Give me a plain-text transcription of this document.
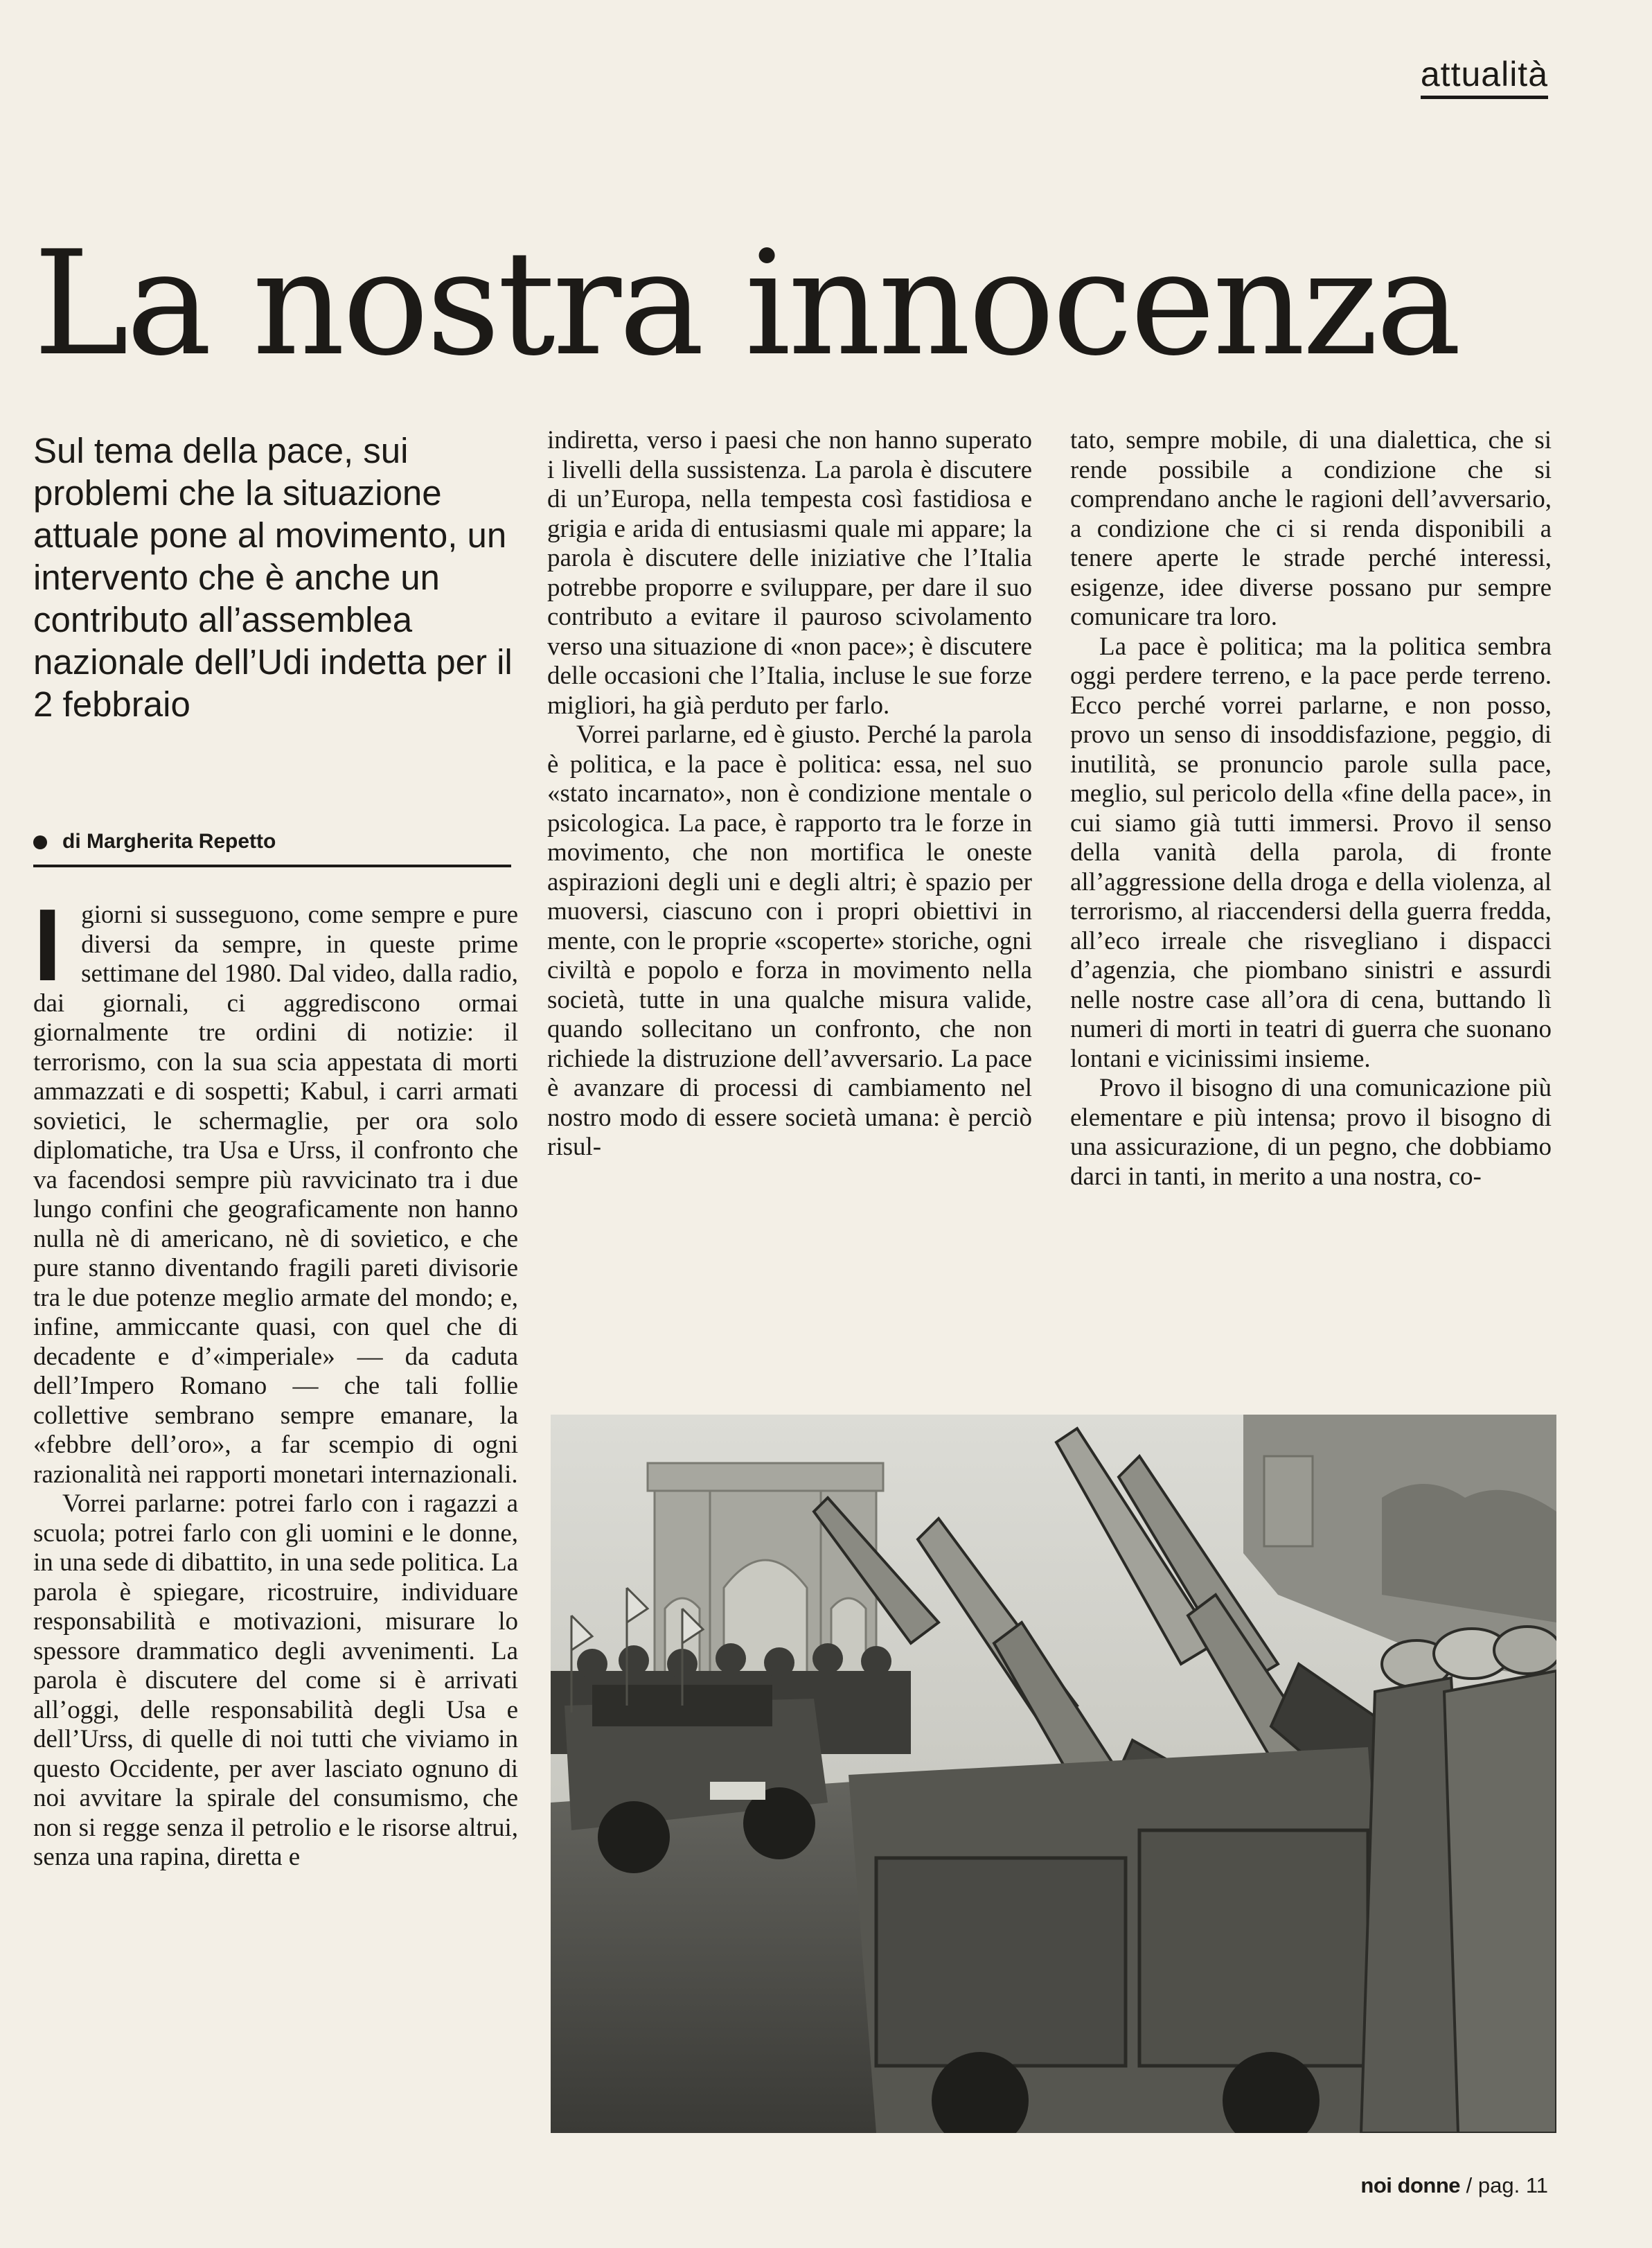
attualità
La nostra innocenza
Sul tema della pace, sui problemi che la situazione attuale pone al movimento, un intervento che è anche un contributo all’assemblea nazionale dell’Udi indetta per il 2 febbraio
di Margherita Repetto
I giorni si susseguono, come sempre e pure diversi da sempre, in queste prime settimane del 1980. Dal video, dalla radio, dai giornali, ci aggrediscono ormai giornalmente tre ordini di notizie: il terrorismo, con la sua scia appestata di morti ammazzati e di sospetti; Kabul, i carri armati sovietici, le schermaglie, per ora solo diplomatiche, tra Usa e Urss, il confronto che va facendosi sempre più ravvicinato tra i due lungo confini che geograficamente non hanno nulla nè di americano, nè di sovietico, e che pure stanno diventando fragili pareti divisorie tra le due potenze meglio armate del mondo; e, infine, ammiccante quasi, con quel che di decadente e d’«imperiale» — da caduta dell’Impero Romano — che tali follie collettive sembrano sempre emanare, la «febbre dell’oro», a far scempio di ogni razionalità nei rapporti monetari internazionali.

Vorrei parlarne: potrei farlo con i ragazzi a scuola; potrei farlo con gli uomini e le donne, in una sede di dibattito, in una sede politica. La parola è spiegare, ricostruire, individuare responsabilità e motivazioni, misurare lo spessore drammatico degli avvenimenti. La parola è discutere del come si è arrivati all’oggi, delle responsabilità degli Usa e dell’Urss, di quelle di noi tutti che viviamo in questo Occidente, per aver lasciato ognuno di noi avvitare la spirale del consumismo, che non si regge senza il petrolio e le risorse altrui, senza una rapina, diretta e

indiretta, verso i paesi che non hanno superato i livelli della sussistenza. La parola è discutere di un’Europa, nella tempesta così fastidiosa e grigia e arida di entusiasmi quale mi appare; la parola è discutere delle iniziative che l’Italia potrebbe proporre e sviluppare, per dare il suo contributo a evitare il pauroso scivolamento verso una situazione di «non pace»; è discutere delle occasioni che l’Italia, incluse le sue forze migliori, ha già perduto per farlo.

Vorrei parlarne, ed è giusto. Perché la parola è politica, e la pace è politica: essa, nel suo «stato incarnato», non è condizione mentale o psicologica. La pace, è rapporto tra le forze in movimento, che non mortifica le oneste aspirazioni degli uni e degli altri; è spazio per muoversi, ciascuno con i propri obiettivi in mente, con le proprie «scoperte» storiche, ogni civiltà e popolo e forza in movimento nella società, tutte in una qualche misura valide, quando sollecitano un confronto, che non richiede la distruzione dell’avversario. La pace è avanzare di processi di cambiamento nel nostro modo di essere società umana: è perciò risul-

tato, sempre mobile, di una dialettica, che si rende possibile a condizione che si comprendano anche le ragioni dell’avversario, a condizione che ci si renda disponibili a tenere aperte le strade perché interessi, esigenze, idee diverse possano pur sempre comunicare tra loro.

La pace è politica; ma la politica sembra oggi perdere terreno, e la pace perde terreno. Ecco perché vorrei parlarne, e non posso, provo un senso di insoddisfazione, peggio, di inutilità, se pronuncio parole sulla pace, meglio, sul pericolo della «fine della pace», in cui siamo già tutti immersi. Provo il senso della vanità della parola, di fronte all’aggressione della droga e della violenza, al terrorismo, al riaccendersi della guerra fredda, all’eco irreale che risvegliano i dispacci d’agenzia, che piombano sinistri e assurdi nelle nostre case all’ora di cena, buttando lì numeri di morti in teatri di guerra che suonano lontani e vicinissimi insieme.

Provo il bisogno di una comunicazione più elementare e più intensa; provo il bisogno di una assicurazione, di un pegno, che dobbiamo darci in tanti, in merito a una nostra, co-

noi donne / pag. 11
